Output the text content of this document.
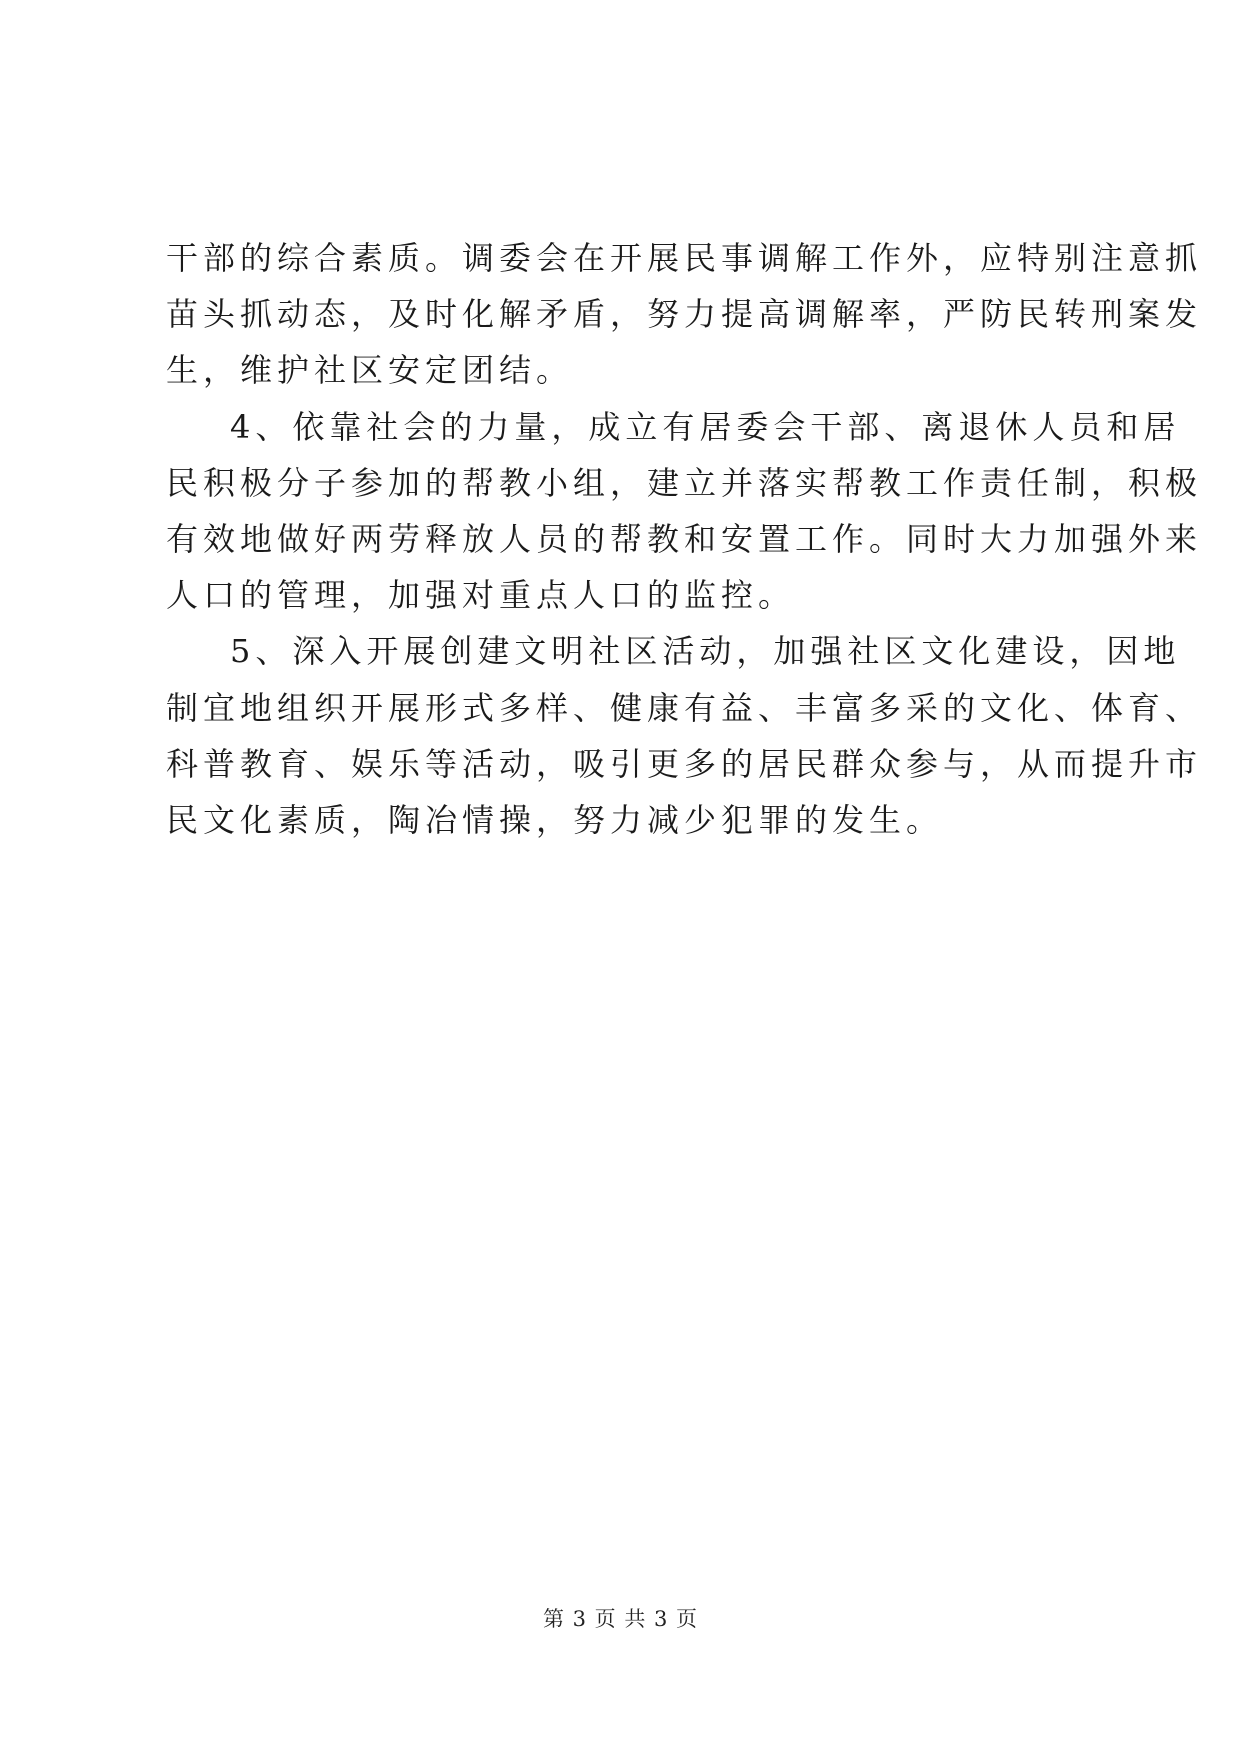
干部的综合素质。调委会在开展民事调解工作外，应特别注意抓
苗头抓动态，及时化解矛盾，努力提高调解率，严防民转刑案发
生，维护社区安定团结。
4、依靠社会的力量，成立有居委会干部、离退休人员和居
民积极分子参加的帮教小组，建立并落实帮教工作责任制，积极
有效地做好两劳释放人员的帮教和安置工作。同时大力加强外来
人口的管理，加强对重点人口的监控。
5、深入开展创建文明社区活动，加强社区文化建设，因地
制宜地组织开展形式多样、健康有益、丰富多采的文化、体育、
科普教育、娱乐等活动，吸引更多的居民群众参与，从而提升市
民文化素质，陶冶情操，努力减少犯罪的发生。
第 3 页 共 3 页
